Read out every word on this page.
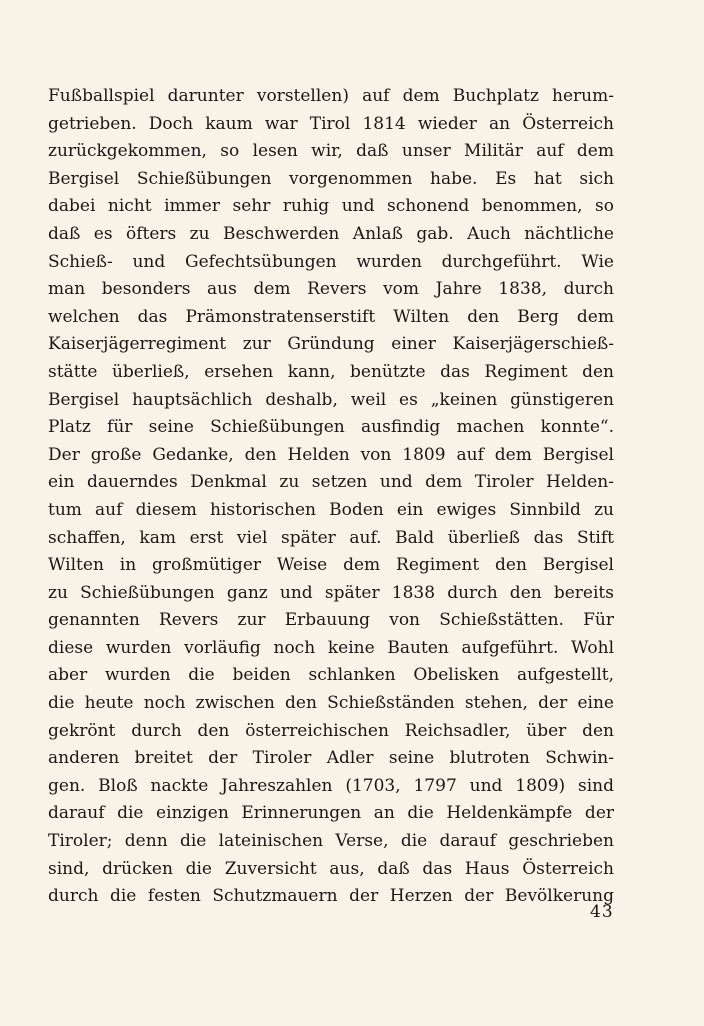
Fußballspiel darunter vorstellen) auf dem Buchplatz herum-
getrieben. Doch kaum war Tirol 1814 wieder an Österreich
zurückgekommen, so lesen wir, daß unser Militär auf dem
Bergisel Schießübungen vorgenommen habe. Es hat sich
dabei nicht immer sehr ruhig und schonend benommen, so
daß es öfters zu Beschwerden Anlaß gab. Auch nächtliche
Schieß- und Gefechtsübungen wurden durchgeführt. Wie
man besonders aus dem Revers vom Jahre 1838, durch
welchen das Prämonstratenserstift Wilten den Berg dem
Kaiserjägerregiment zur Gründung einer Kaiserjägerschieß-
stätte überließ, ersehen kann, benützte das Regiment den
Bergisel hauptsächlich deshalb, weil es „keinen günstigeren
Platz für seine Schießübungen ausfindig machen konnte“.
Der große Gedanke, den Helden von 1809 auf dem Bergisel
ein dauerndes Denkmal zu setzen und dem Tiroler Helden-
tum auf diesem historischen Boden ein ewiges Sinnbild zu
schaffen, kam erst viel später auf. Bald überließ das Stift
Wilten in großmütiger Weise dem Regiment den Bergisel
zu Schießübungen ganz und später 1838 durch den bereits
genannten Revers zur Erbauung von Schießstätten. Für
diese wurden vorläufig noch keine Bauten aufgeführt. Wohl
aber wurden die beiden schlanken Obelisken aufgestellt,
die heute noch zwischen den Schießständen stehen, der eine
gekrönt durch den österreichischen Reichsadler, über den
anderen breitet der Tiroler Adler seine blutroten Schwin-
gen. Bloß nackte Jahreszahlen (1703, 1797 und 1809) sind
darauf die einzigen Erinnerungen an die Heldenkämpfe der
Tiroler; denn die lateinischen Verse, die darauf geschrieben
sind, drücken die Zuversicht aus, daß das Haus Österreich
durch die festen Schutzmauern der Herzen der Bevölkerung
43
